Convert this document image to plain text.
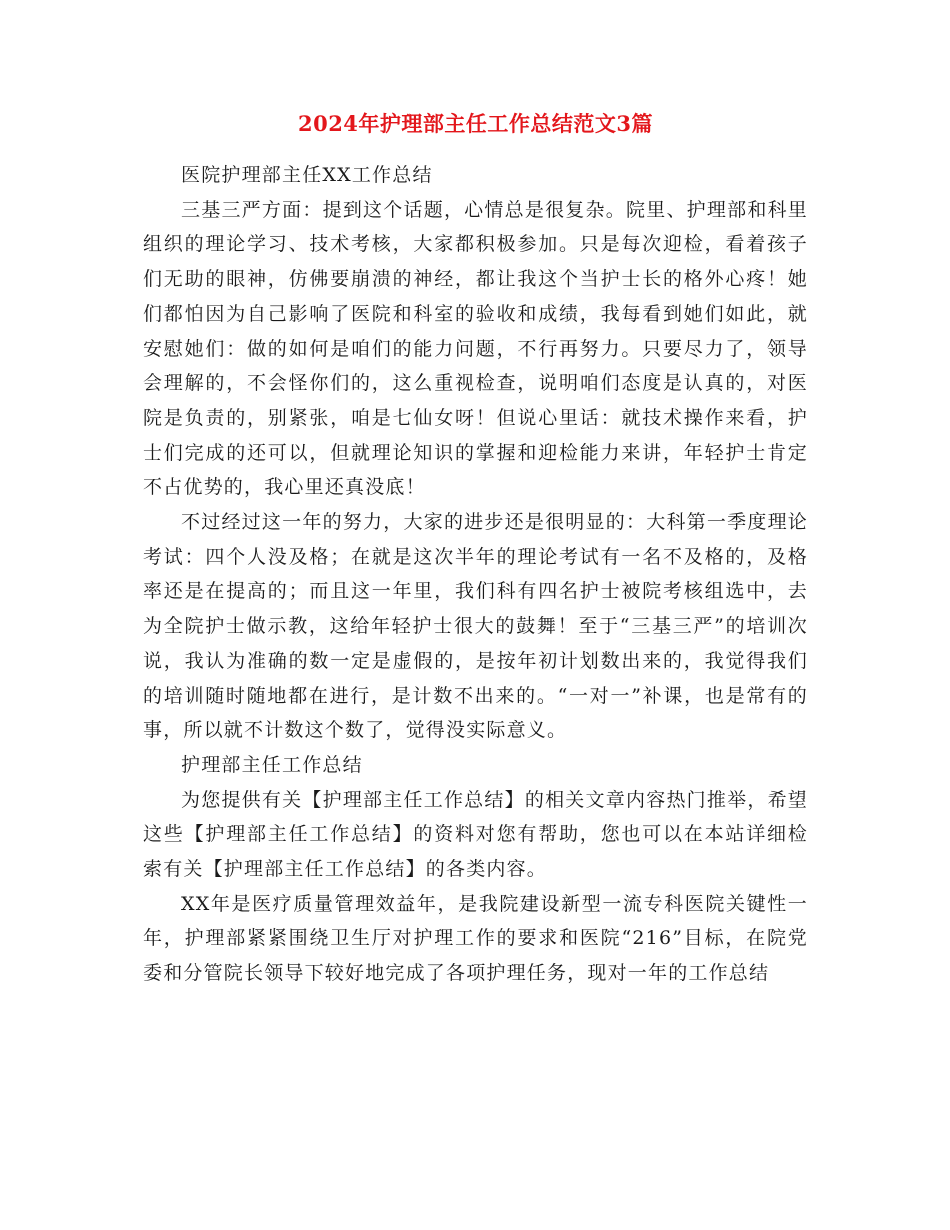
2024年护理部主任工作总结范文3篇

医院护理部主任XX工作总结

三基三严方面：提到这个话题，心情总是很复杂。院里、护理部和科里组织的理论学习、技术考核，大家都积极参加。只是每次迎检，看着孩子们无助的眼神，仿佛要崩溃的神经，都让我这个当护士长的格外心疼！她们都怕因为自己影响了医院和科室的验收和成绩，我每看到她们如此，就安慰她们：做的如何是咱们的能力问题，不行再努力。只要尽力了，领导会理解的，不会怪你们的，这么重视检查，说明咱们态度是认真的，对医院是负责的，别紧张，咱是七仙女呀！但说心里话：就技术操作来看，护士们完成的还可以，但就理论知识的掌握和迎检能力来讲，年轻护士肯定不占优势的，我心里还真没底！

不过经过这一年的努力，大家的进步还是很明显的：大科第一季度理论考试：四个人没及格；在就是这次半年的理论考试有一名不及格的，及格率还是在提高的；而且这一年里，我们科有四名护士被院考核组选中，去为全院护士做示教，这给年轻护士很大的鼓舞！至于“三基三严”的培训次说，我认为准确的数一定是虚假的，是按年初计划数出来的，我觉得我们的培训随时随地都在进行，是计数不出来的。“一对一”补课，也是常有的事，所以就不计数这个数了，觉得没实际意义。

护理部主任工作总结

为您提供有关【护理部主任工作总结】的相关文章内容热门推举，希望这些【护理部主任工作总结】的资料对您有帮助，您也可以在本站详细检索有关【护理部主任工作总结】的各类内容。

XX年是医疗质量管理效益年，是我院建设新型一流专科医院关键性一年，护理部紧紧围绕卫生厅对护理工作的要求和医院“216”目标，在院党委和分管院长领导下较好地完成了各项护理任务，现对一年的工作总结
